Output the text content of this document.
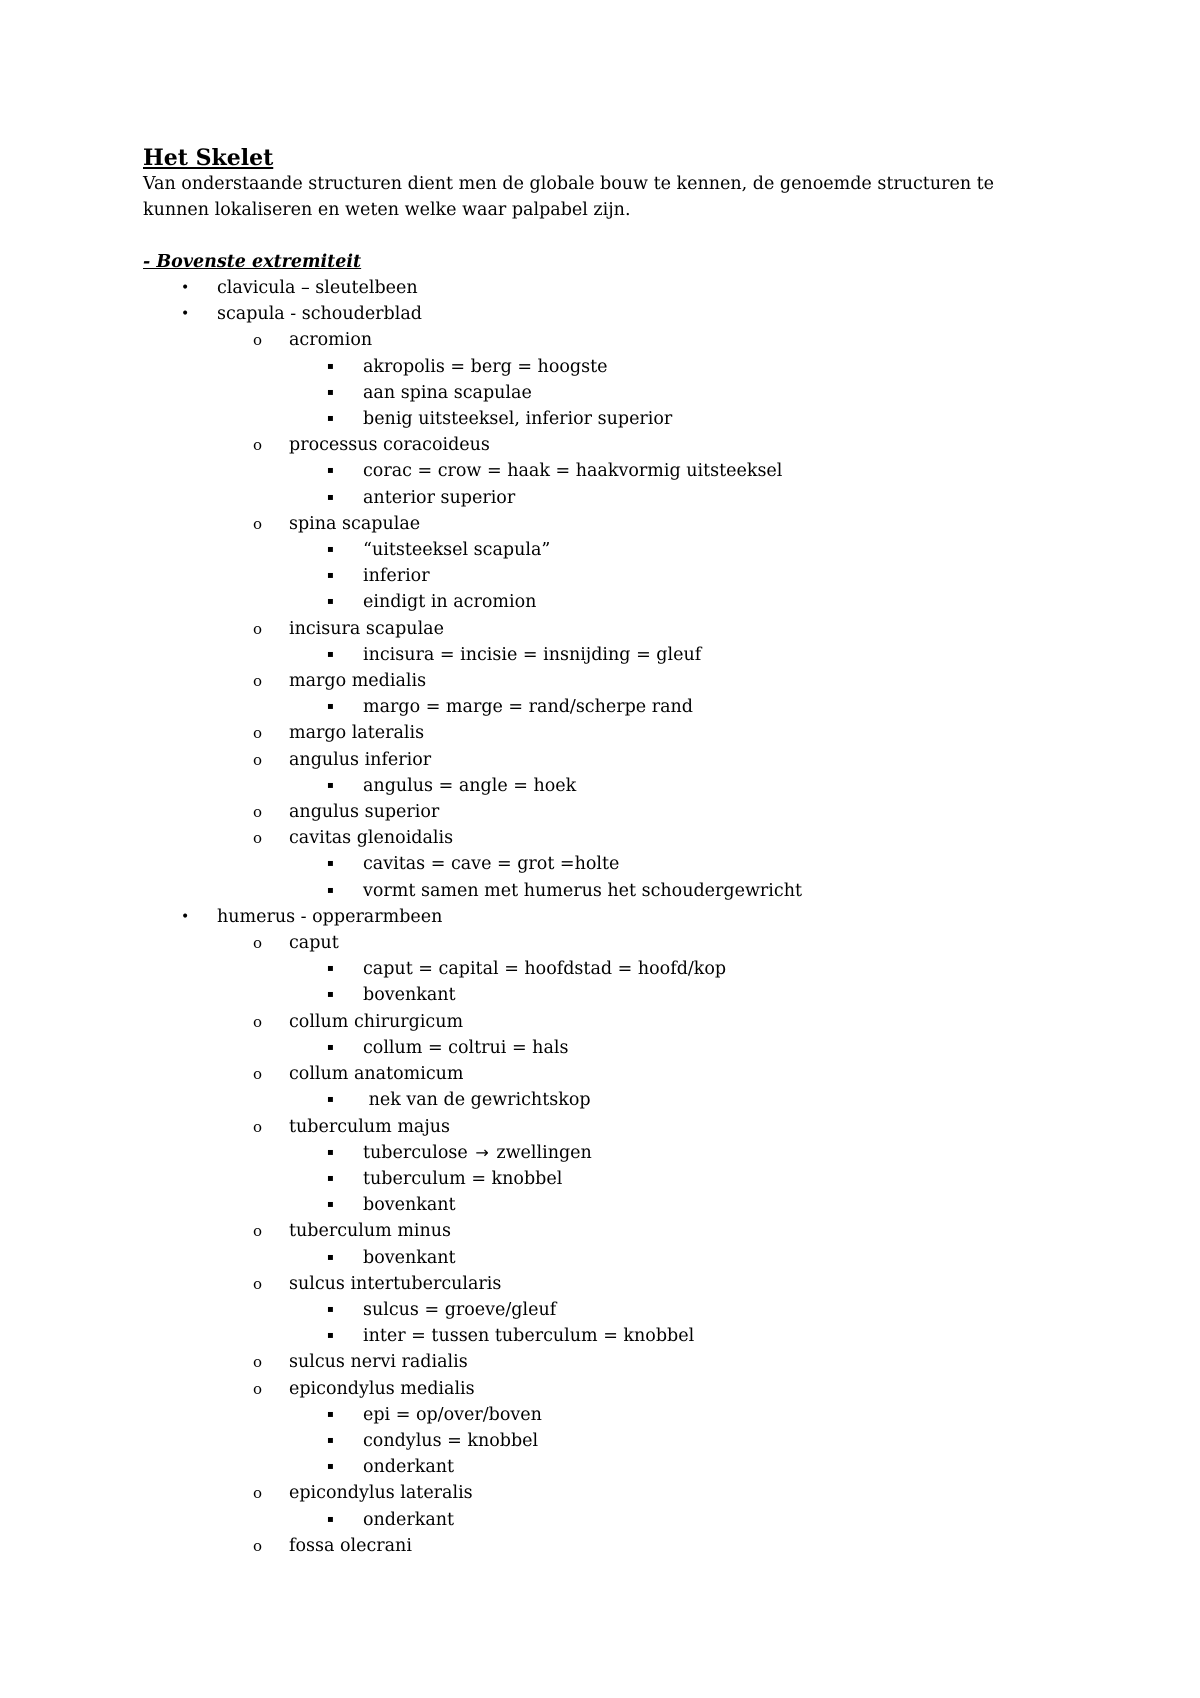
Het Skelet
Van onderstaande structuren dient men de globale bouw te kennen, de genoemde structuren te
kunnen lokaliseren en weten welke waar palpabel zijn.
- Bovenste extremiteit
• clavicula – sleutelbeen
• scapula - schouderblad
o acromion
▪ akropolis = berg = hoogste
▪ aan spina scapulae
▪ benig uitsteeksel, inferior superior
o processus coracoideus
▪ corac = crow = haak = haakvormig uitsteeksel
▪ anterior superior
o spina scapulae
▪ “uitsteeksel scapula”
▪ inferior
▪ eindigt in acromion
o incisura scapulae
▪ incisura = incisie = insnijding = gleuf
o margo medialis
▪ margo = marge = rand/scherpe rand
o margo lateralis
o angulus inferior
▪ angulus = angle = hoek
o angulus superior
o cavitas glenoidalis
▪ cavitas = cave = grot =holte
▪ vormt samen met humerus het schoudergewricht
• humerus - opperarmbeen
o caput
▪ caput = capital = hoofdstad = hoofd/kop
▪ bovenkant
o collum chirurgicum
▪ collum = coltrui = hals
o collum anatomicum
▪ nek van de gewrichtskop
o tuberculum majus
▪ tuberculose → zwellingen
▪ tuberculum = knobbel
▪ bovenkant
o tuberculum minus
▪ bovenkant
o sulcus intertubercularis
▪ sulcus = groeve/gleuf
▪ inter = tussen tuberculum = knobbel
o sulcus nervi radialis
o epicondylus medialis
▪ epi = op/over/boven
▪ condylus = knobbel
▪ onderkant
o epicondylus lateralis
▪ onderkant
o fossa olecrani
